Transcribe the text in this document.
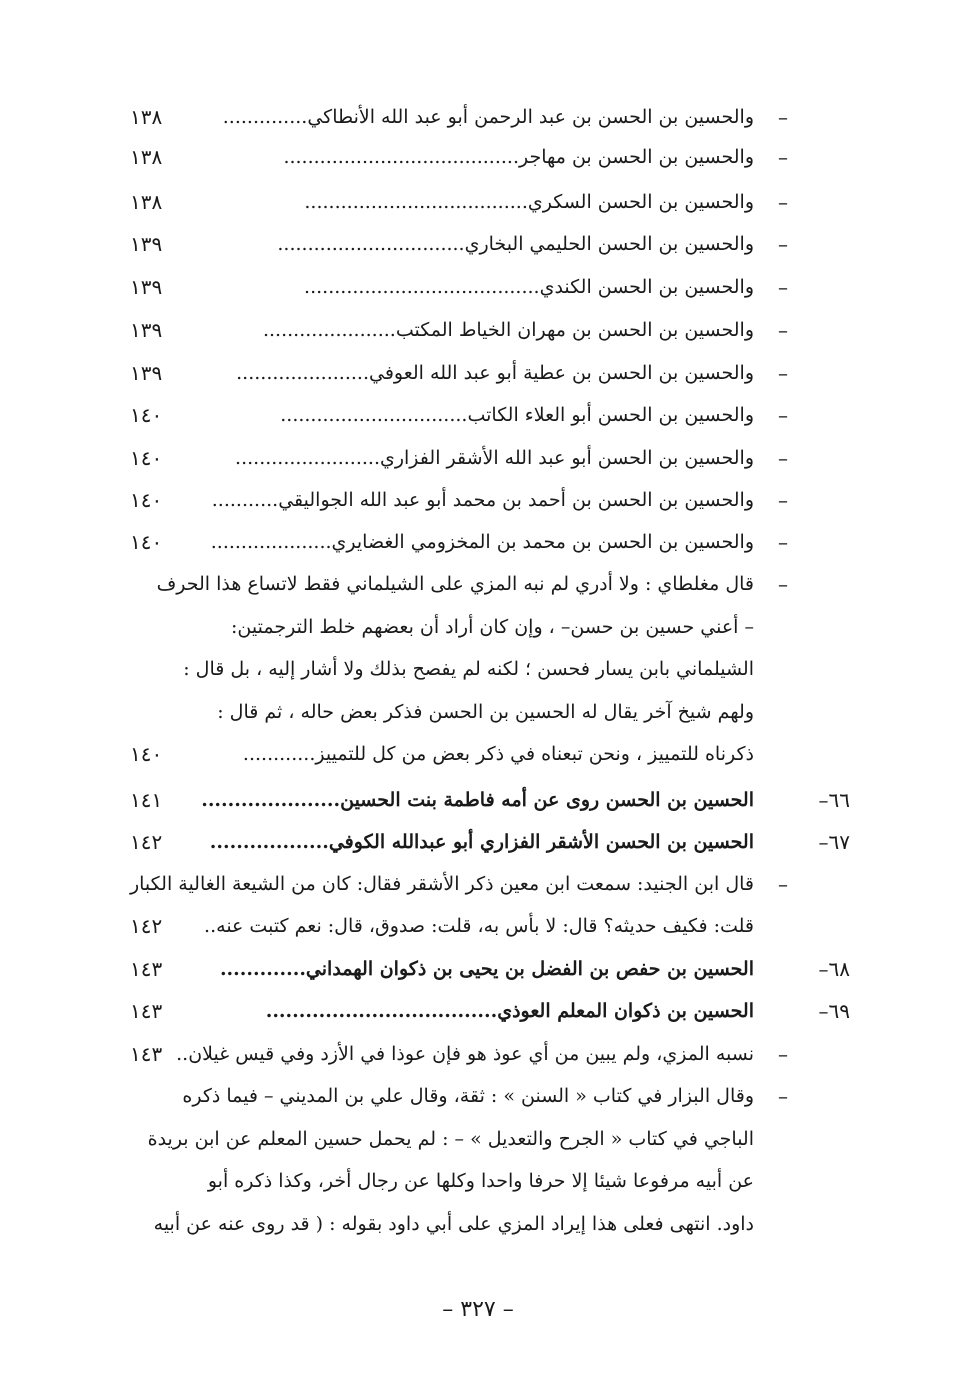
–
والحسين بن الحسن بن عبد الرحمن أبو عبد الله الأنطاكي..............
١٣٨
–
والحسين بن الحسن بن مهاجر.......................................
١٣٨
–
والحسين بن الحسن السكري.....................................
١٣٨
–
والحسين بن الحسن الحليمي البخاري...............................
١٣٩
–
والحسين بن الحسن الكندي.......................................
١٣٩
–
والحسين بن الحسن بن مهران الخياط المكتب......................
١٣٩
–
والحسين بن الحسن بن عطية أبو عبد الله العوفي......................
١٣٩
–
والحسين بن الحسن أبو العلاء الكاتب...............................
١٤٠
–
والحسين بن الحسن أبو عبد الله الأشقر الفزاري........................
١٤٠
–
والحسين بن الحسن بن أحمد بن محمد أبو عبد الله الجواليقي...........
١٤٠
–
والحسين بن الحسن بن محمد بن المخزومي الغضايري....................
١٤٠
–
قال مغلطاي : ولا أدري لم نبه المزي على الشيلماني فقط لاتساع هذا الحرف
– أعني حسين بن حسن– ، وإن كان أراد أن بعضهم خلط الترجمتين:
الشيلماني بابن يسار فحسن ؛ لكنه لم يفصح بذلك ولا أشار إليه ، بل قال :
ولهم شيخ آخر يقال له الحسين بن الحسن فذكر بعض حاله ، ثم قال :
ذكرناه للتمييز ، ونحن تبعناه في ذكر بعض من كل للتمييز............
١٤٠
٦٦–
الحسين بن الحسن روى عن أمه فاطمة بنت الحسين.....................
١٤١
٦٧–
الحسين بن الحسن الأشقر الفزاري أبو عبدالله الكوفي..................
١٤٢
–
قال ابن الجنيد: سمعت ابن معين ذكر الأشقر فقال: كان من الشيعة الغالية الكبار
قلت: فكيف حديثه؟ قال: لا بأس به، قلت: صدوق، قال: نعم كتبت عنه..
١٤٢
٦٨–
الحسين بن حفص بن الفضل بن يحيى بن ذكوان الهمداني.............
١٤٣
٦٩–
الحسين بن ذكوان المعلم العوذي...................................
١٤٣
–
نسبه المزي، ولم يبين من أي عوذ هو فإن عوذا في الأزد وفي قيس غيلان..
١٤٣
–
وقال البزار في كتاب « السنن » : ثقة، وقال علي بن المديني – فيما ذكره
الباجي في كتاب « الجرح والتعديل » – : لم يحمل حسين المعلم عن ابن بريدة
عن أبيه مرفوعا شيئا إلا حرفا واحدا وكلها عن رجال أخر، وكذا ذكره أبو
داود. انتهى فعلى هذا إيراد المزي على أبي داود بقوله : ( قد روى عنه عن أبيه
– ٣٢٧ –
